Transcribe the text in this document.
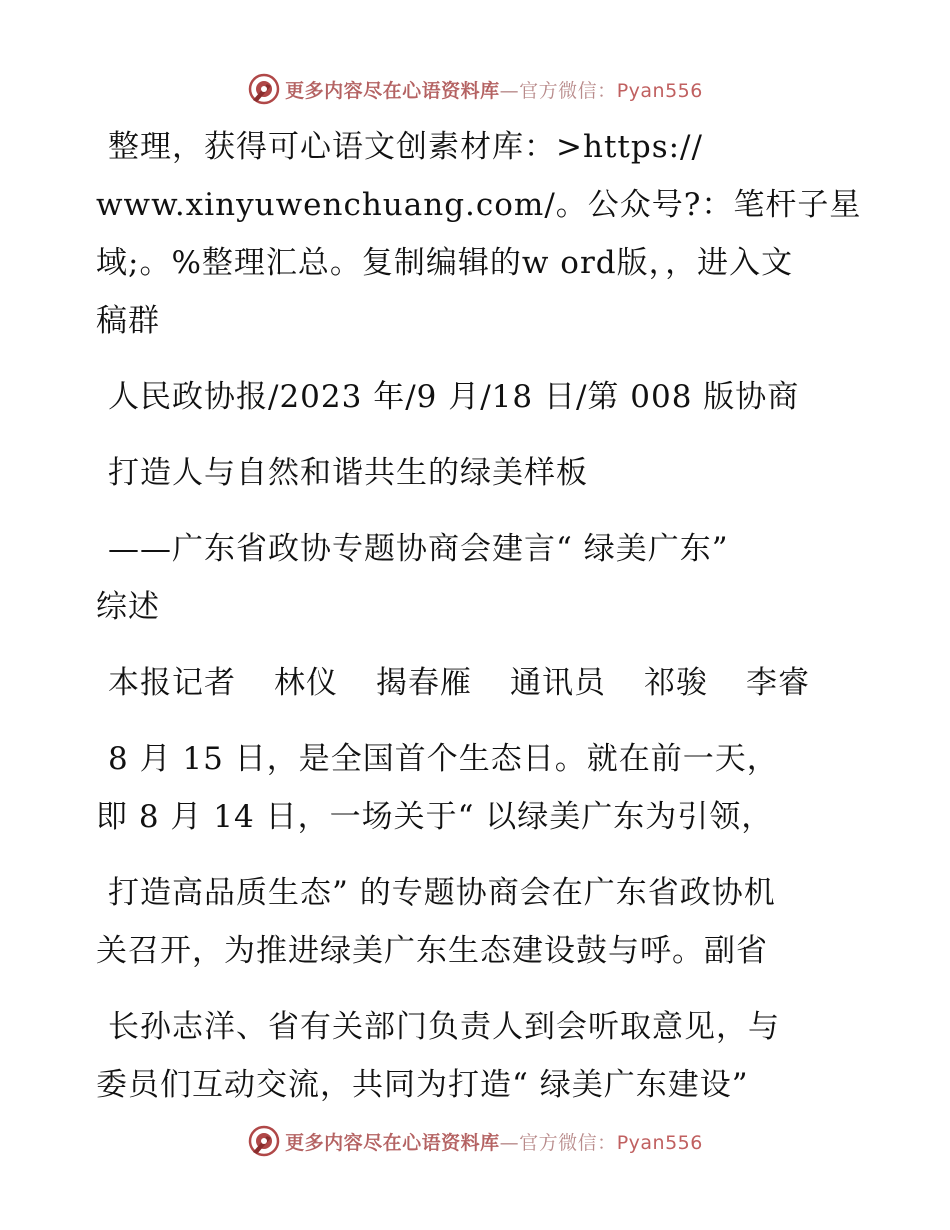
更多内容尽在心语资料库—官方微信：Pyan556
整理，获得可心语文创素材库：>https://
www.xinyuwenchuang.com/。公众号?：笔杆子星
域;。%整理汇总。复制编辑的w ord版，，进入文
稿群
人民政协报/2023 年/9 月/18 日/第 008 版协商
打造人与自然和谐共生的绿美样板
——广东省政协专题协商会建言“ 绿美广东”
综述
本报记者 林仪 揭春雁 通讯员 祁骏 李睿
8 月 15 日，是全国首个生态日。就在前一天，
即 8 月 14 日，一场关于“ 以绿美广东为引领，
打造高品质生态” 的专题协商会在广东省政协机
关召开，为推进绿美广东生态建设鼓与呼。副省
长孙志洋、省有关部门负责人到会听取意见，与
委员们互动交流，共同为打造“ 绿美广东建设”
更多内容尽在心语资料库—官方微信：Pyan556
